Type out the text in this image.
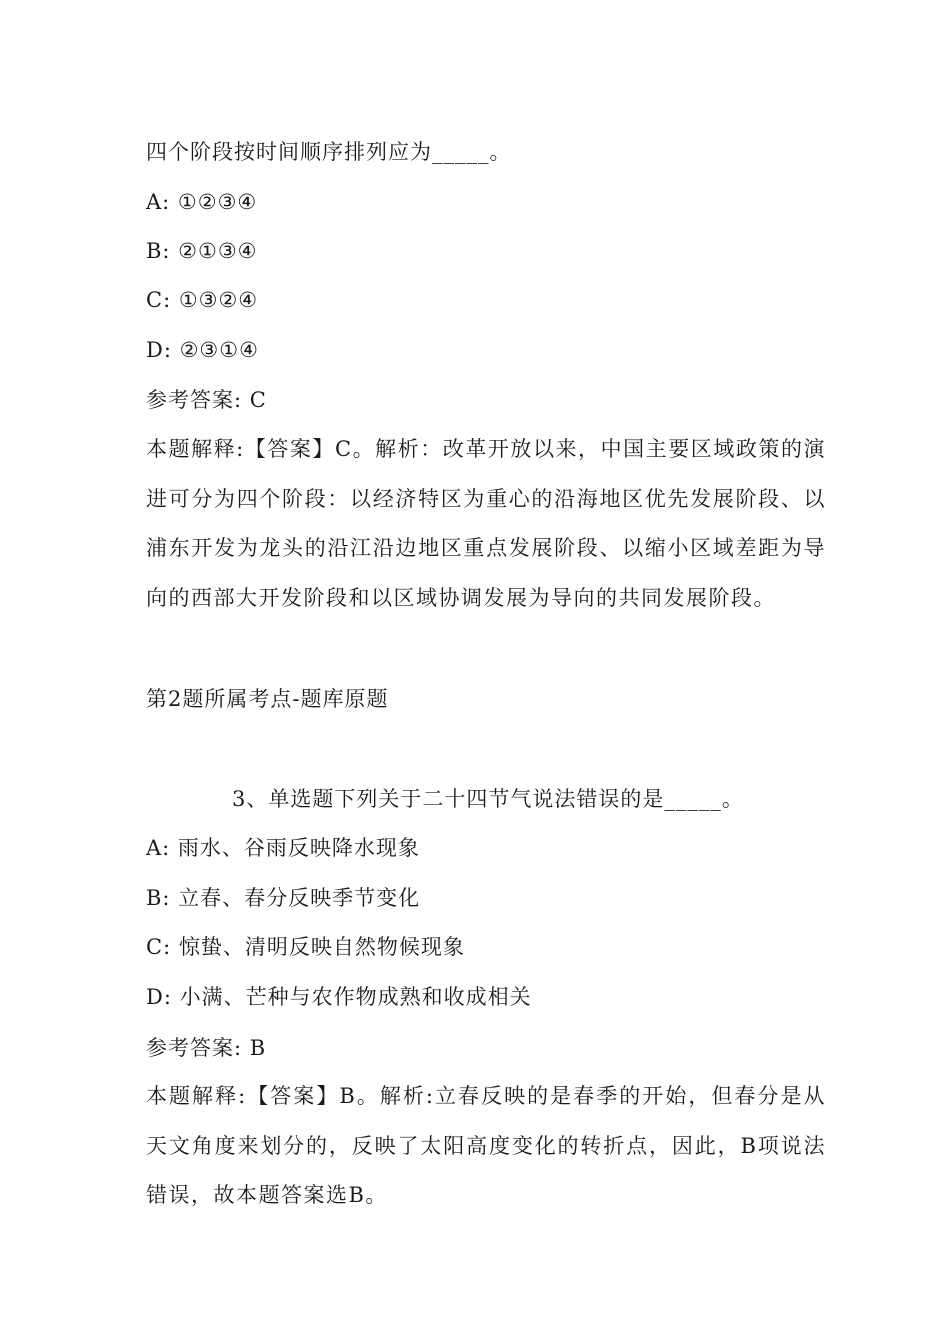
四个阶段按时间顺序排列应为_____。
A: ①②③④
B: ②①③④
C: ①③②④
D: ②③①④
参考答案: C
本题解释:【答案】C。解析：改革开放以来，中国主要区域政策的演进可分为四个阶段：以经济特区为重心的沿海地区优先发展阶段、以浦东开发为龙头的沿江沿边地区重点发展阶段、以缩小区域差距为导向的西部大开发阶段和以区域协调发展为导向的共同发展阶段。
第2题所属考点-题库原题
3、单选题下列关于二十四节气说法错误的是_____。
A: 雨水、谷雨反映降水现象
B: 立春、春分反映季节变化
C: 惊蛰、清明反映自然物候现象
D: 小满、芒种与农作物成熟和收成相关
参考答案: B
本题解释:【答案】B。解析:立春反映的是春季的开始，但春分是从天文角度来划分的，反映了太阳高度变化的转折点，因此，B项说法错误，故本题答案选B。
